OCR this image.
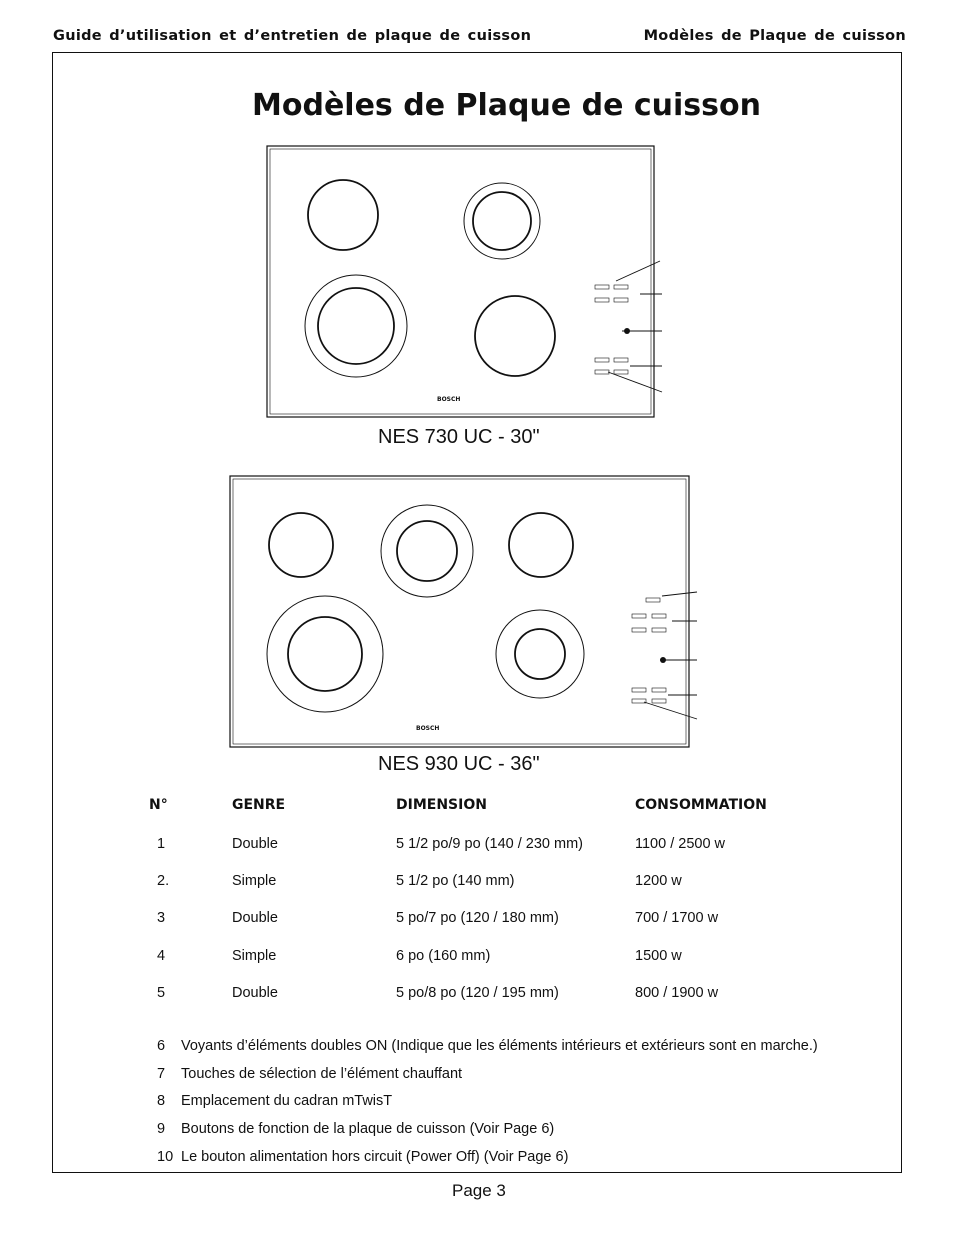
Guide d’utilisation et d’entretien de plaque de cuisson	Modèles de Plaque de cuisson
Modèles de Plaque de cuisson
BOSCH
BOSCH
NES 730 UC - 30"
NES 930 UC - 36"
N°	GENRE	DIMENSION	CONSOMMATION
1	Double	5 1/2 po/9 po (140 / 230 mm)	1100 / 2500 w
2.	Simple	5 1/2 po (140 mm)	1200 w
3	Double	5 po/7 po (120 / 180 mm)	700 / 1700 w
4	Simple	6 po (160 mm)	1500 w
5	Double	5 po/8 po (120 / 195 mm)	800 / 1900 w
6 Voyants d’éléments doubles ON (Indique que les éléments intérieurs et extérieurs sont en marche.)
7 Touches de sélection de l’élément chauffant
8 Emplacement du cadran mTwisT
9 Boutons de fonction de la plaque de cuisson (Voir Page 6)
10 Le bouton alimentation hors circuit (Power Off) (Voir Page 6)
Page 3
